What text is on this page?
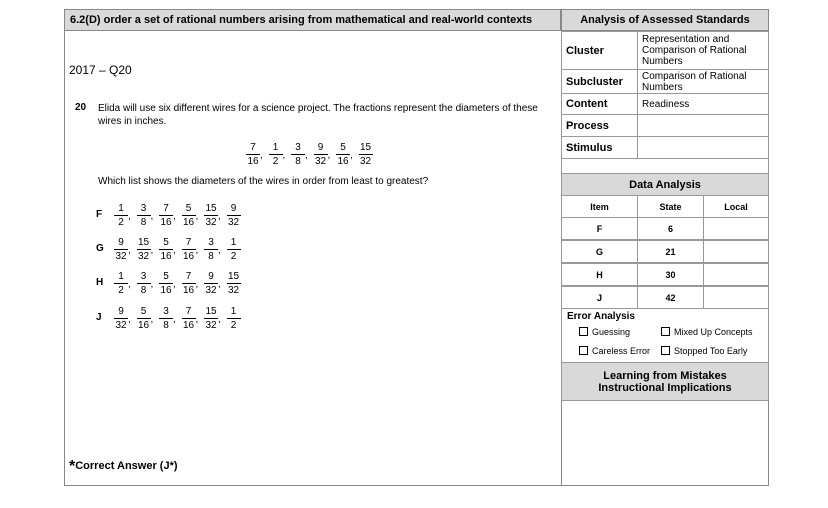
6.2(D) order a set of rational numbers arising from mathematical and real-world contexts	Analysis of Assessed Standards
2017 – Q20
20 Elida will use six different wires for a science project. The fractions represent the diameters of these wires in inches.
7
16
,
1
2
,
3
8
,
9
32
,
5
16
,
15
32
Which list shows the diameters of the wires in order from least to greatest?
F
1
2
,
3
8
,
7
16
,
5
16
,
15
32
,
9
32
G
9
32
,
15
32
,
5
16
,
7
16
,
3
8
,
1
2
H
1
2
,
3
8
,
5
16
,
7
16
,
9
32
,
15
32
J
9
32
,
5
16
,
3
8
,
7
16
,
15
32
,
1
2
*Correct Answer (J*)
Cluster
Representation and Comparison of Rational Numbers
Subcluster	Comparison of Rational Numbers
Content	Readiness
Process
Stimulus
Data Analysis
Item	State	Local
F	6
G	21
H	30
J	42
Error Analysis
Guessing	Mixed Up Concepts
Careless Error	Stopped Too Early
Learning from Mistakes
Instructional Implications
